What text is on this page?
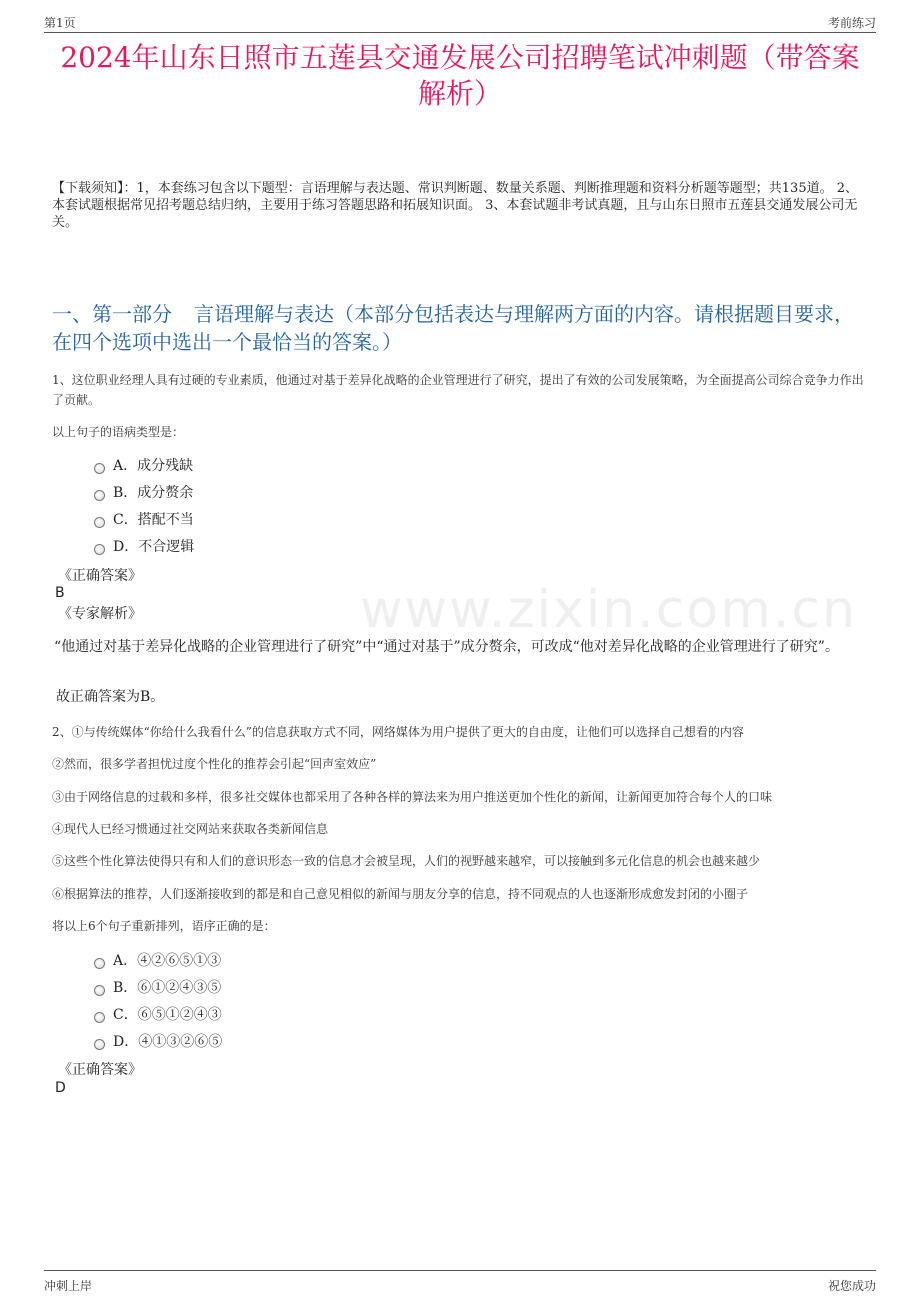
第1页	考前练习
www.zixin.com.cn
2024年山东日照市五莲县交通发展公司招聘笔试冲刺题（带答案解析）
【下载须知】：1，本套练习包含以下题型：言语理解与表达题、常识判断题、数量关系题、判断推理题和资料分析题等题型；共135道。 2、本套试题根据常见招考题总结归纳，主要用于练习答题思路和拓展知识面。 3、本套试题非考试真题，且与山东日照市五莲县交通发展公司无关。
一、第一部分 言语理解与表达（本部分包括表达与理解两方面的内容。请根据题目要求，在四个选项中选出一个最恰当的答案。）
1、这位职业经理人具有过硬的专业素质，他通过对基于差异化战略的企业管理进行了研究，提出了有效的公司发展策略，为全面提高公司综合竞争力作出了贡献。
以上句子的语病类型是：
A．成分残缺
B．成分赘余
C．搭配不当
D．不合逻辑
《正确答案》
B
《专家解析》
“他通过对基于差异化战略的企业管理进行了研究”中“通过对基于”成分赘余，可改成“他对差异化战略的企业管理进行了研究”。
故正确答案为B。
2、①与传统媒体“你给什么我看什么”的信息获取方式不同，网络媒体为用户提供了更大的自由度，让他们可以选择自己想看的内容
②然而，很多学者担忧过度个性化的推荐会引起“回声室效应”
③由于网络信息的过载和多样，很多社交媒体也都采用了各种各样的算法来为用户推送更加个性化的新闻，让新闻更加符合每个人的口味
④现代人已经习惯通过社交网站来获取各类新闻信息
⑤这些个性化算法使得只有和人们的意识形态一致的信息才会被呈现，人们的视野越来越窄，可以接触到多元化信息的机会也越来越少
⑥根据算法的推荐，人们逐渐接收到的都是和自己意见相似的新闻与朋友分享的信息，持不同观点的人也逐渐形成愈发封闭的小圈子
将以上6个句子重新排列，语序正确的是：
A．④②⑥⑤①③
B．⑥①②④③⑤
C．⑥⑤①②④③
D．④①③②⑥⑤
《正确答案》
D
冲刺上岸	祝您成功
